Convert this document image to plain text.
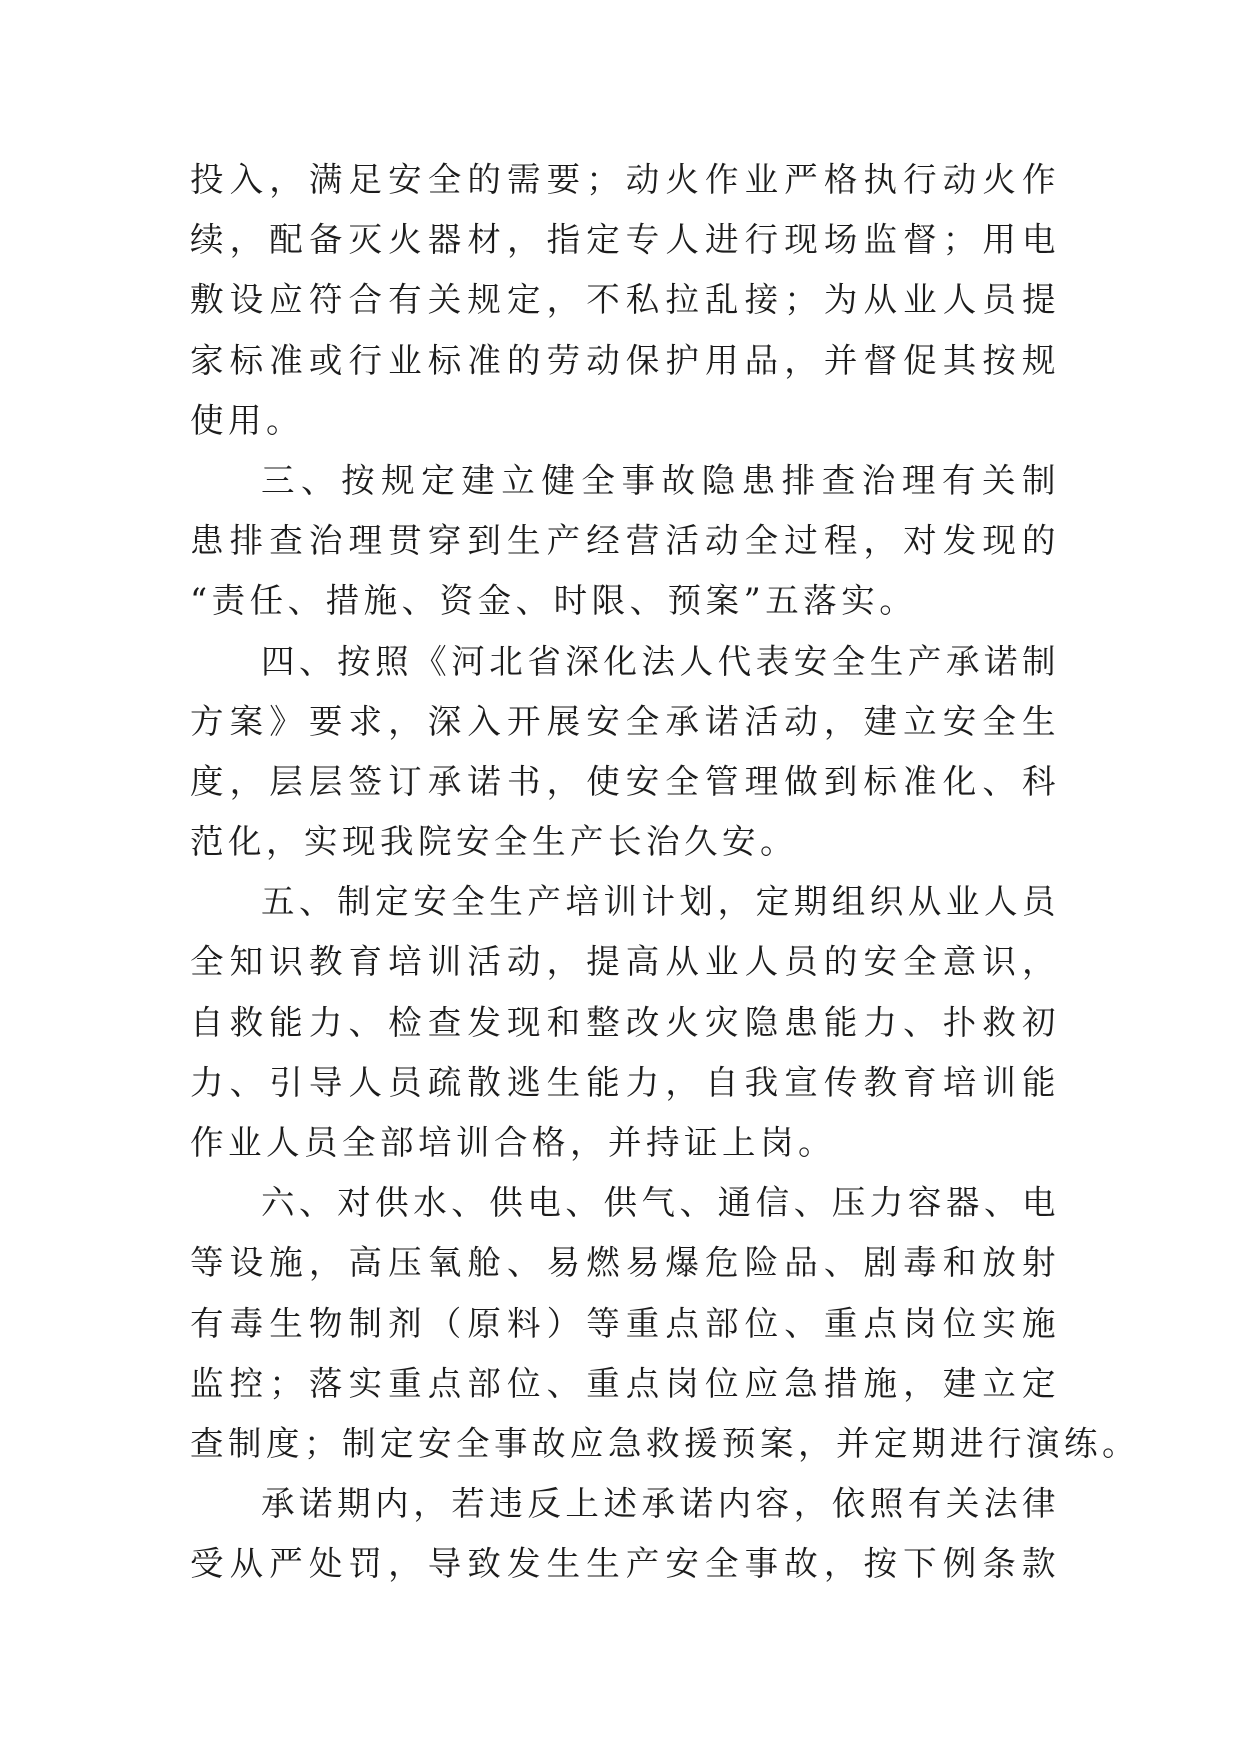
投入，满足安全的需要；动火作业严格执行动火作
续，配备灭火器材，指定专人进行现场监督；用电
敷设应符合有关规定，不私拉乱接；为从业人员提
家标准或行业标准的劳动保护用品，并督促其按规
使用。
三、按规定建立健全事故隐患排查治理有关制
患排查治理贯穿到生产经营活动全过程，对发现的
“责任、措施、资金、时限、预案”五落实。
四、按照《河北省深化法人代表安全生产承诺制
方案》要求，深入开展安全承诺活动，建立安全生
度，层层签订承诺书，使安全管理做到标准化、科
范化，实现我院安全生产长治久安。
五、制定安全生产培训计划，定期组织从业人员
全知识教育培训活动，提高从业人员的安全意识，
自救能力、检查发现和整改火灾隐患能力、扑救初
力、引导人员疏散逃生能力，自我宣传教育培训能
作业人员全部培训合格，并持证上岗。
六、对供水、供电、供气、通信、压力容器、电
等设施，高压氧舱、易燃易爆危险品、剧毒和放射
有毒生物制剂（原料）等重点部位、重点岗位实施
监控；落实重点部位、重点岗位应急措施，建立定
查制度；制定安全事故应急救援预案，并定期进行演练。
承诺期内，若违反上述承诺内容，依照有关法律
受从严处罚，导致发生生产安全事故，按下例条款
